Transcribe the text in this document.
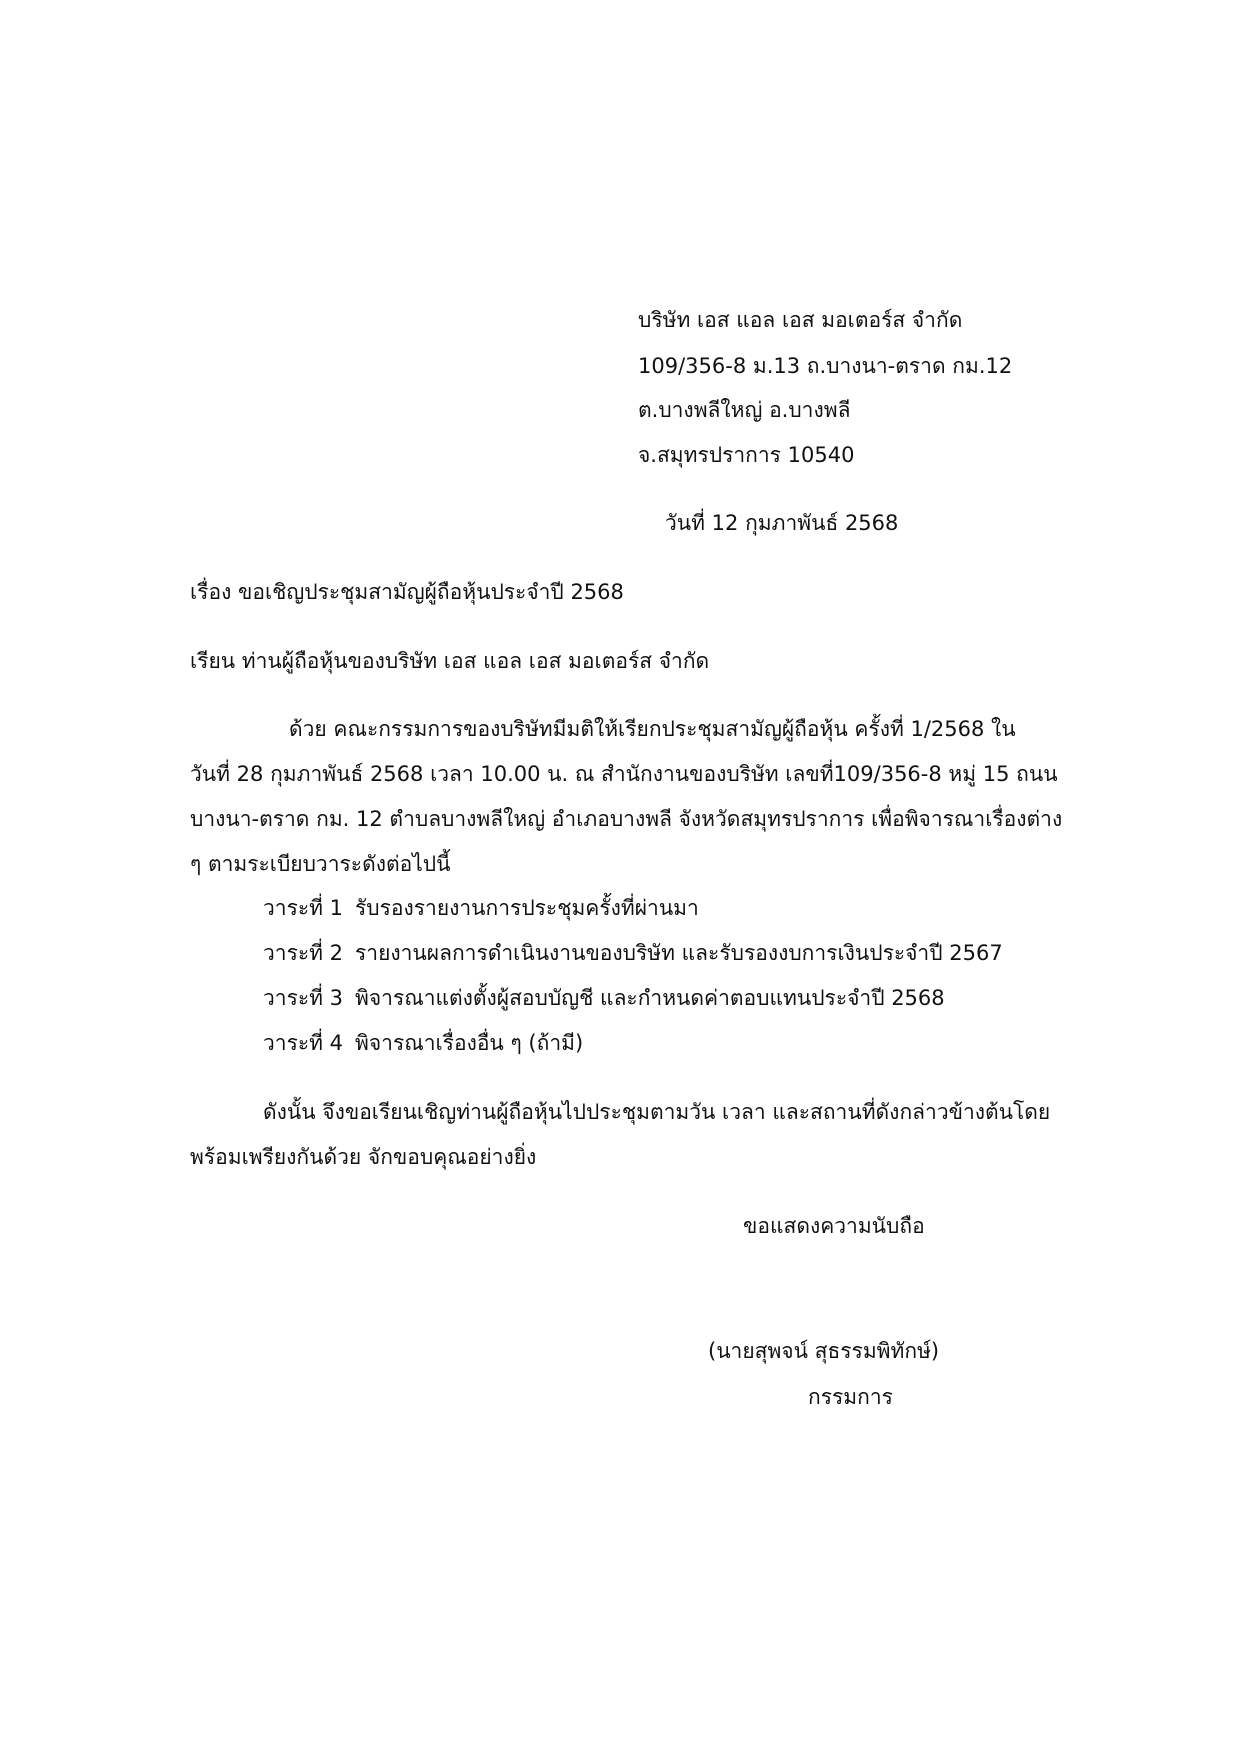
บริษัท เอส แอล เอส มอเตอร์ส จำกัด
109/356-8 ม.13 ถ.บางนา-ตราด กม.12
ต.บางพลีใหญ่ อ.บางพลี
จ.สมุทรปราการ 10540
วันที่ 12 กุมภาพันธ์ 2568
เรื่อง ขอเชิญประชุมสามัญผู้ถือหุ้นประจำปี 2568
เรียน ท่านผู้ถือหุ้นของบริษัท เอส แอล เอส มอเตอร์ส จำกัด
ด้วย คณะกรรมการของบริษัทมีมติให้เรียกประชุมสามัญผู้ถือหุ้น ครั้งที่ 1/2568 ใน
วันที่ 28 กุมภาพันธ์ 2568 เวลา 10.00 น. ณ สำนักงานของบริษัท เลขที่109/356-8 หมู่ 15 ถนน
บางนา-ตราด กม. 12 ตำบลบางพลีใหญ่ อำเภอบางพลี จังหวัดสมุทรปราการ เพื่อพิจารณาเรื่องต่าง
ๆ ตามระเบียบวาระดังต่อไปนี้
วาระที่ 1 รับรองรายงานการประชุมครั้งที่ผ่านมา
วาระที่ 2 รายงานผลการดำเนินงานของบริษัท และรับรองงบการเงินประจำปี 2567
วาระที่ 3 พิจารณาแต่งตั้งผู้สอบบัญชี และกำหนดค่าตอบแทนประจำปี 2568
วาระที่ 4 พิจารณาเรื่องอื่น ๆ (ถ้ามี)
ดังนั้น จึงขอเรียนเชิญท่านผู้ถือหุ้นไปประชุมตามวัน เวลา และสถานที่ดังกล่าวข้างต้นโดย
พร้อมเพรียงกันด้วย จักขอบคุณอย่างยิ่ง
ขอแสดงความนับถือ
(นายสุพจน์ สุธรรมพิทักษ์)
กรรมการ
